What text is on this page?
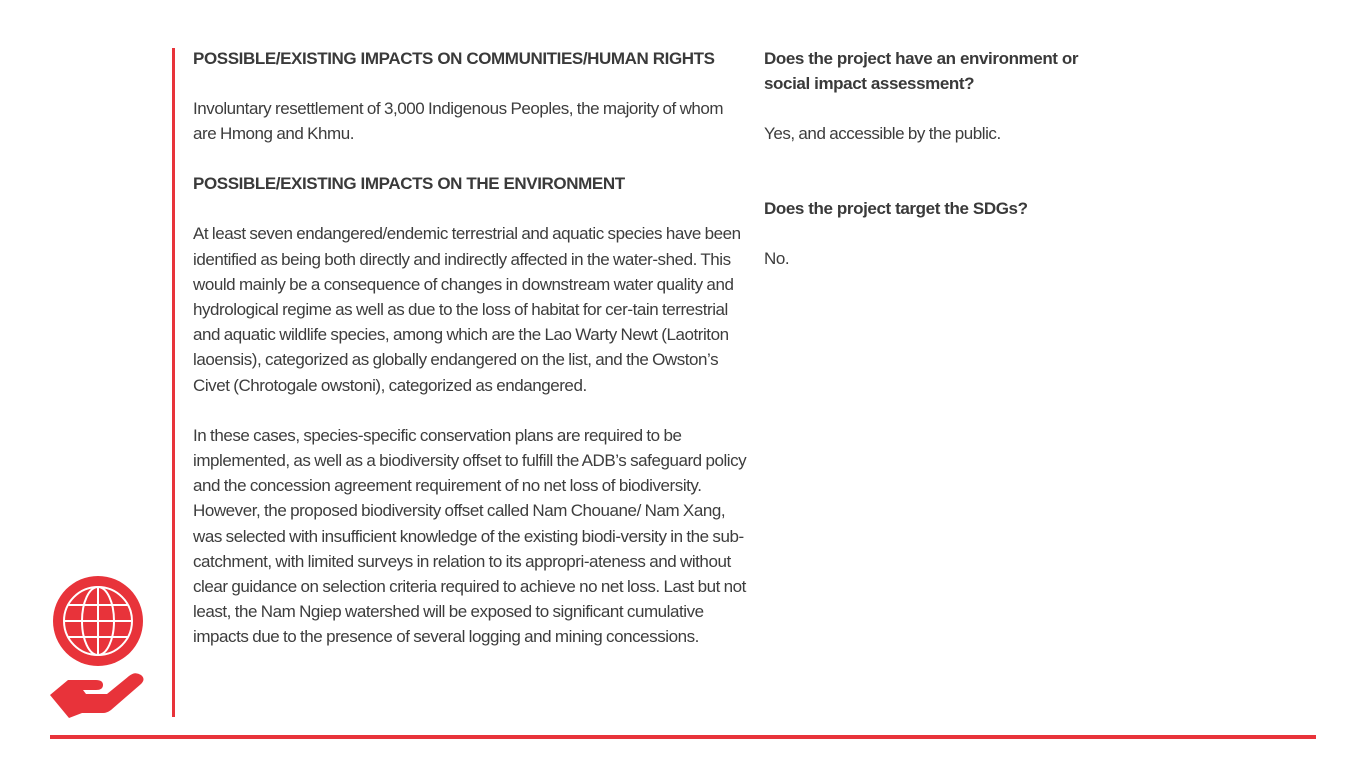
POSSIBLE/EXISTING IMPACTS ON COMMUNITIES/HUMAN RIGHTS

Involuntary resettlement of 3,000 Indigenous Peoples, the majority of whom are Hmong and Khmu.

POSSIBLE/EXISTING IMPACTS ON THE ENVIRONMENT

At least seven endangered/endemic terrestrial and aquatic species have been identified as being both directly and indirectly affected in the water-shed. This would mainly be a consequence of changes in downstream water quality and hydrological regime as well as due to the loss of habitat for cer-tain terrestrial and aquatic wildlife species, among which are the Lao Warty Newt (Laotriton laoensis), categorized as globally endangered on the list, and the Owston’s Civet (Chrotogale owstoni), categorized as endangered.

In these cases, species-specific conservation plans are required to be implemented, as well as a biodiversity offset to fulfill the ADB’s safeguard policy and the concession agreement requirement of no net loss of biodiversity. However, the proposed biodiversity offset called Nam Chouane/ Nam Xang, was selected with insufficient knowledge of the existing biodi-versity in the sub-catchment, with limited surveys in relation to its appropri-ateness and without clear guidance on selection criteria required to achieve no net loss. Last but not least, the Nam Ngiep watershed will be exposed to significant cumulative impacts due to the presence of several logging and mining concessions.

Does the project have an environment or social impact assessment?

Yes, and accessible by the public.

Does the project target the SDGs?

No.
